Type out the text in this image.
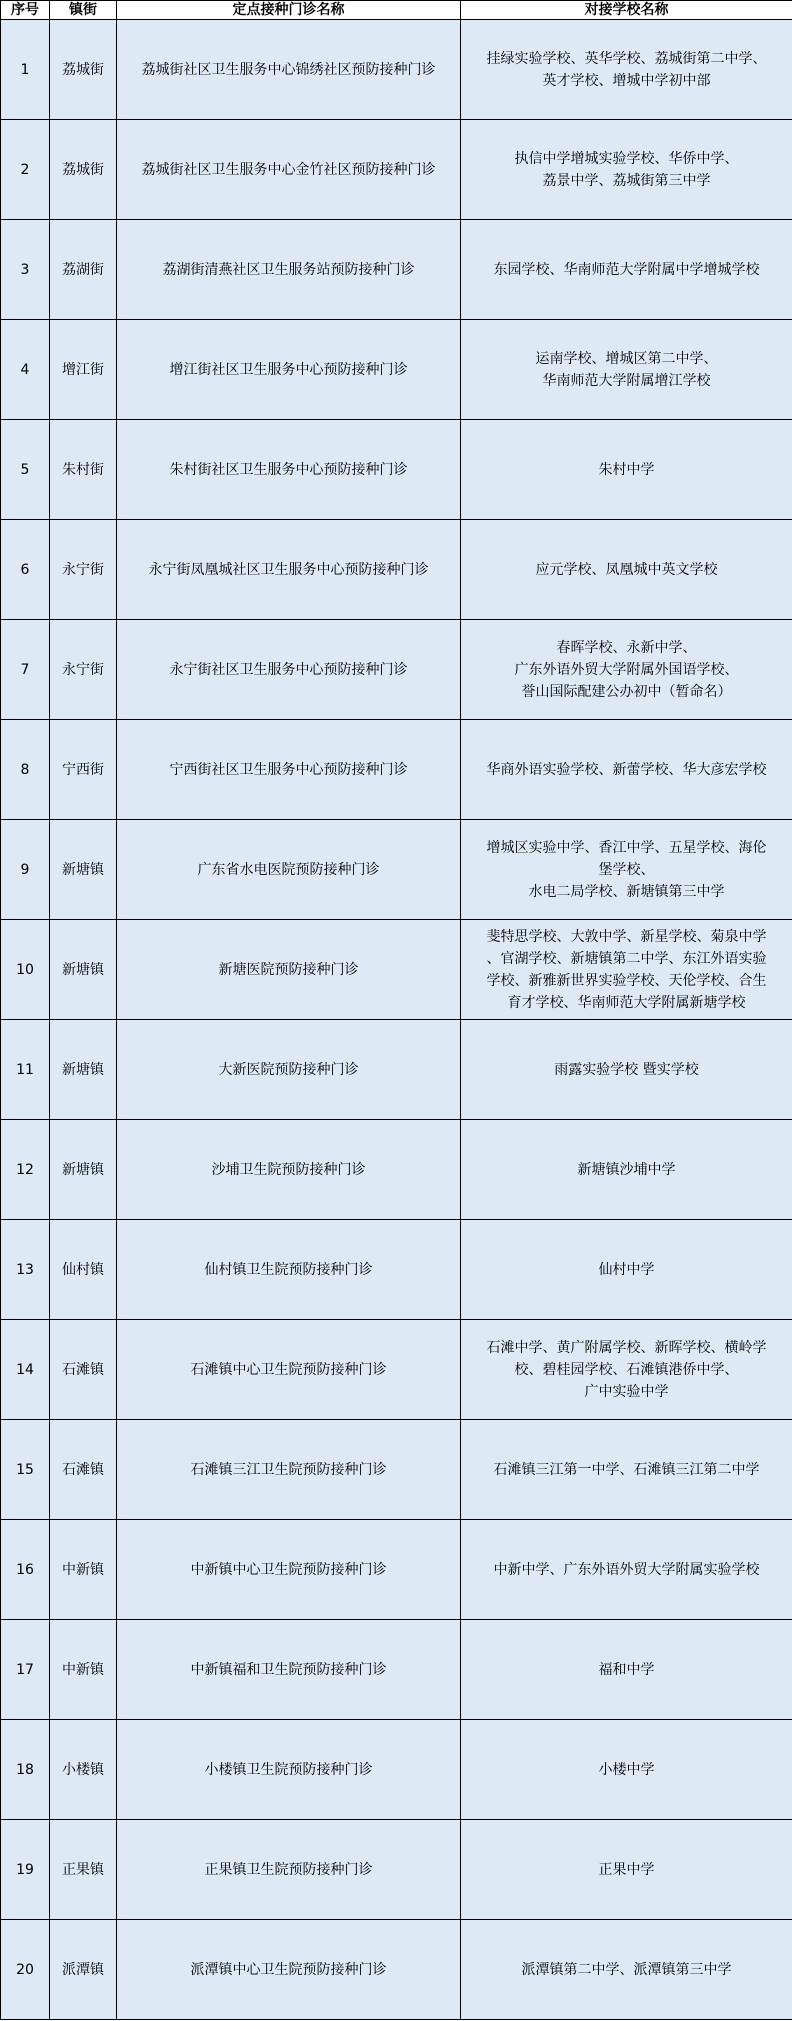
序号	镇街	定点接种门诊名称	对接学校名称
1	荔城街	荔城街社区卫生服务中心锦绣社区预防接种门诊	挂绿实验学校、英华学校、荔城街第二中学、
英才学校、增城中学初中部

2	荔城街	荔城街社区卫生服务中心金竹社区预防接种门诊	执信中学增城实验学校、华侨中学、
荔景中学、荔城街第三中学

3	荔湖街	荔湖街清燕社区卫生服务站预防接种门诊	东园学校、华南师范大学附属中学增城学校

4	增江街	增江街社区卫生服务中心预防接种门诊	运南学校、增城区第二中学、
华南师范大学附属增江学校

5	朱村街	朱村街社区卫生服务中心预防接种门诊	朱村中学

6	永宁街	永宁街凤凰城社区卫生服务中心预防接种门诊	应元学校、凤凰城中英文学校

7	永宁街	永宁街社区卫生服务中心预防接种门诊	春晖学校、永新中学、
广东外语外贸大学附属外国语学校、
誉山国际配建公办初中（暂命名）

8	宁西街	宁西街社区卫生服务中心预防接种门诊	华商外语实验学校、新蕾学校、华大彦宏学校

9	新塘镇	广东省水电医院预防接种门诊	增城区实验中学、香江中学、五星学校、海伦
堡学校、
水电二局学校、新塘镇第三中学

10	新塘镇	新塘医院预防接种门诊	斐特思学校、大敦中学、新星学校、菊泉中学
、官湖学校、新塘镇第二中学、东江外语实验
学校、新雅新世界实验学校、天伦学校、合生
育才学校、华南师范大学附属新塘学校

11	新塘镇	大新医院预防接种门诊	雨露实验学校 暨实学校

12	新塘镇	沙埔卫生院预防接种门诊	新塘镇沙埔中学

13	仙村镇	仙村镇卫生院预防接种门诊	仙村中学

14	石滩镇	石滩镇中心卫生院预防接种门诊	石滩中学、黄广附属学校、新晖学校、横岭学
校、碧桂园学校、石滩镇港侨中学、
广中实验中学

15	石滩镇	石滩镇三江卫生院预防接种门诊	石滩镇三江第一中学、石滩镇三江第二中学

16	中新镇	中新镇中心卫生院预防接种门诊	中新中学、广东外语外贸大学附属实验学校

17	中新镇	中新镇福和卫生院预防接种门诊	福和中学

18	小楼镇	小楼镇卫生院预防接种门诊	小楼中学

19	正果镇	正果镇卫生院预防接种门诊	正果中学

20	派潭镇	派潭镇中心卫生院预防接种门诊	派潭镇第二中学、派潭镇第三中学
